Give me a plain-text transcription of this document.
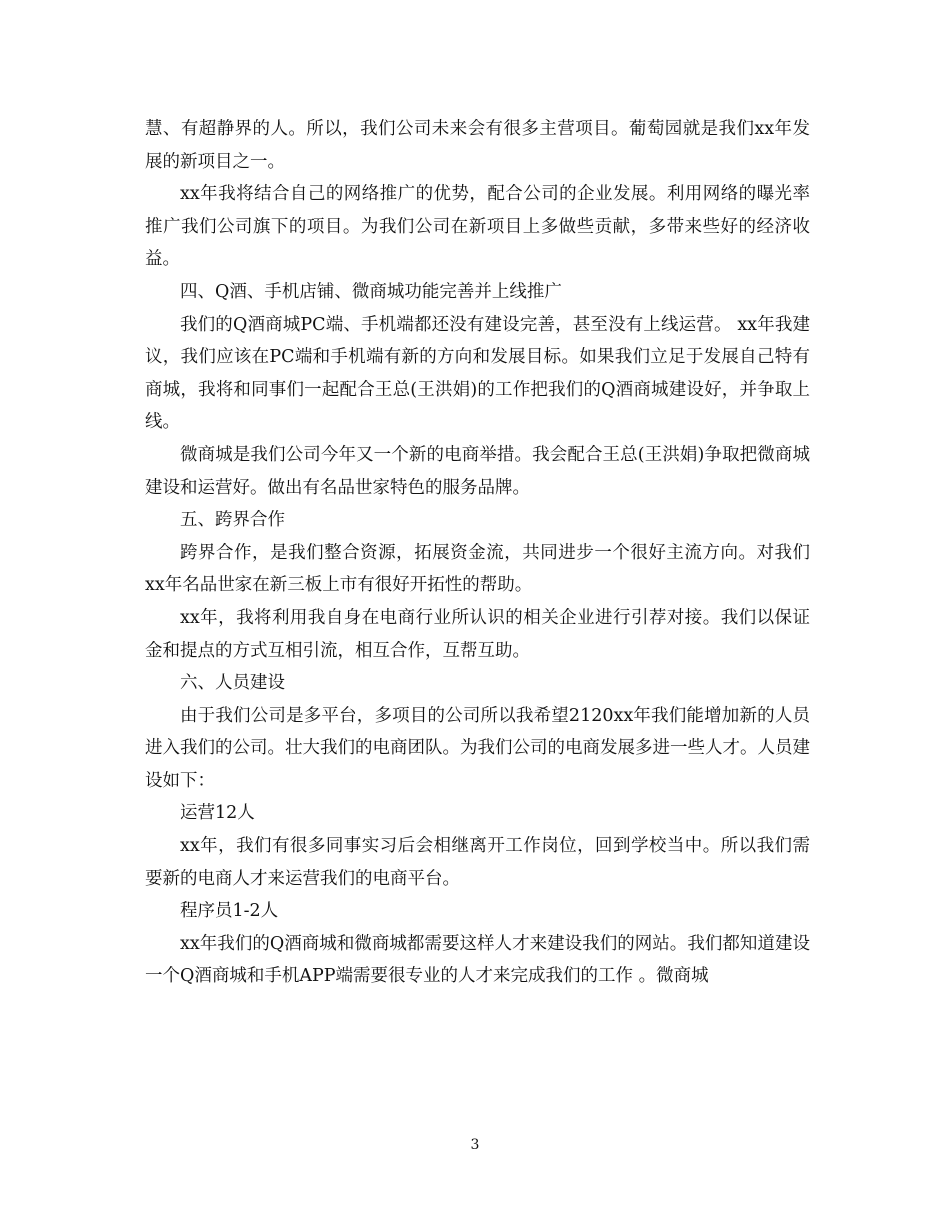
慧、有超静界的人。所以，我们公司未来会有很多主营项目。葡萄园就是我们xx年发展的新项目之一。

xx年我将结合自己的网络推广的优势，配合公司的企业发展。利用网络的曝光率推广我们公司旗下的项目。为我们公司在新项目上多做些贡献，多带来些好的经济收益。

四、Q酒、手机店铺、微商城功能完善并上线推广

我们的Q酒商城PC端、手机端都还没有建设完善，甚至没有上线运营。 xx年我建议，我们应该在PC端和手机端有新的方向和发展目标。如果我们立足于发展自己特有商城，我将和同事们一起配合王总(王洪娟)的工作把我们的Q酒商城建设好，并争取上线。

微商城是我们公司今年又一个新的电商举措。我会配合王总(王洪娟)争取把微商城建设和运营好。做出有名品世家特色的服务品牌。

五、跨界合作

跨界合作，是我们整合资源，拓展资金流，共同进步一个很好主流方向。对我们xx年名品世家在新三板上市有很好开拓性的帮助。

xx年，我将利用我自身在电商行业所认识的相关企业进行引荐对接。我们以保证金和提点的方式互相引流，相互合作，互帮互助。

六、人员建设

由于我们公司是多平台，多项目的公司所以我希望2120xx年我们能增加新的人员进入我们的公司。壮大我们的电商团队。为我们公司的电商发展多进一些人才。人员建设如下：

运营12人

xx年，我们有很多同事实习后会相继离开工作岗位，回到学校当中。所以我们需要新的电商人才来运营我们的电商平台。

程序员1-2人

xx年我们的Q酒商城和微商城都需要这样人才来建设我们的网站。我们都知道建设一个Q酒商城和手机APP端需要很专业的人才来完成我们的工作 。微商城

3
